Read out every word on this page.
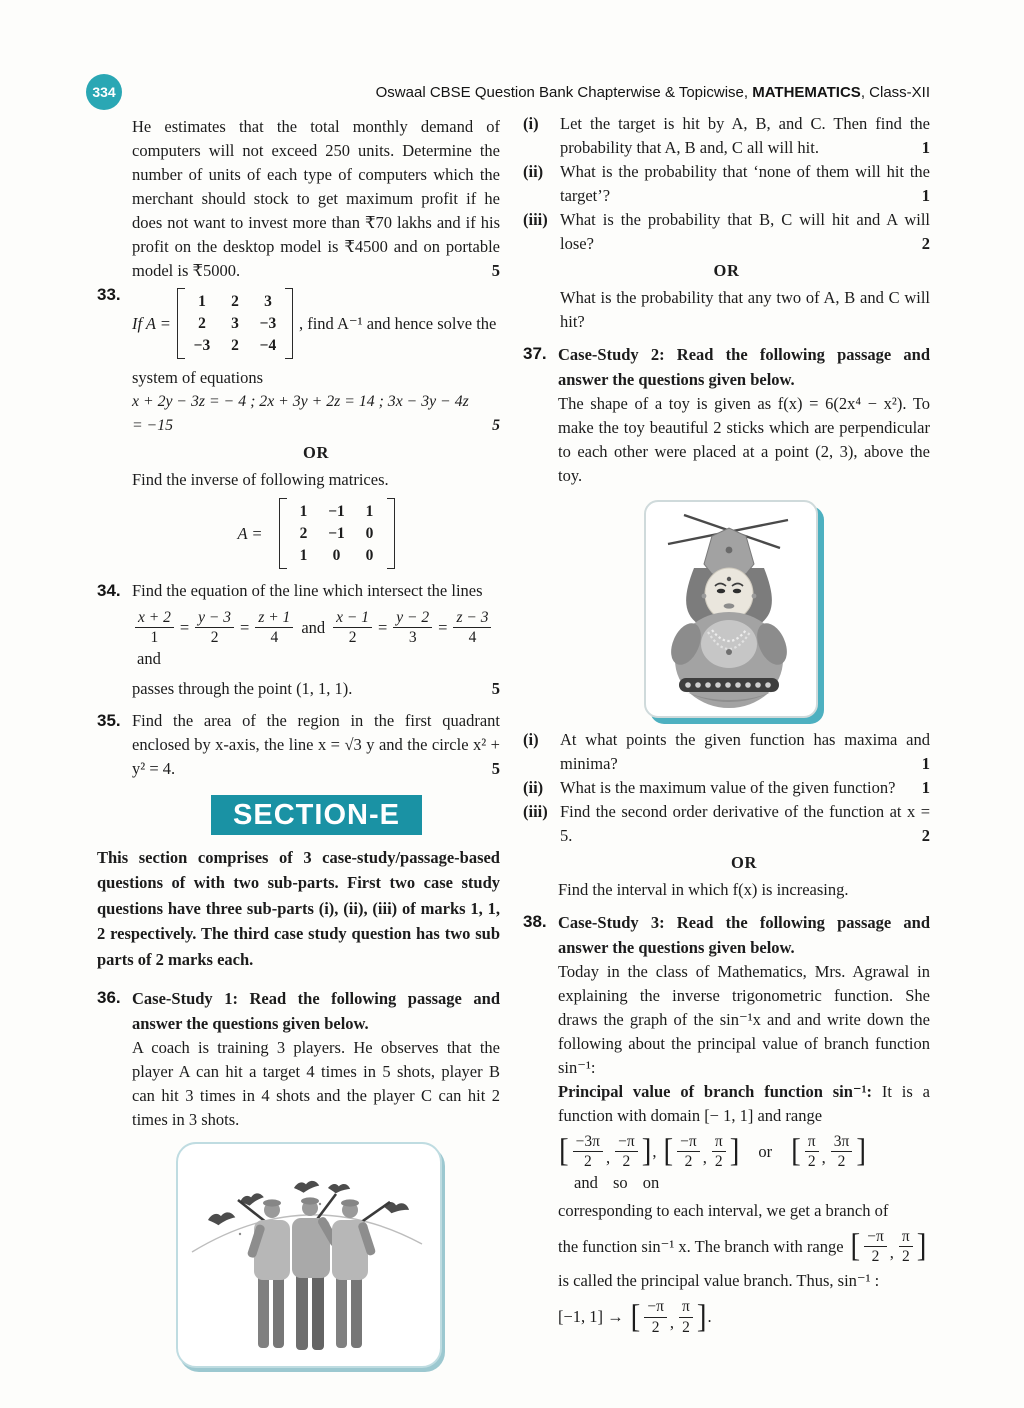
334	Oswaal CBSE Question Bank Chapterwise & Topicwise, MATHEMATICS, Class-XII

He estimates that the total monthly demand of computers will not exceed 250 units. Determine the number of units of each type of computers which the merchant should stock to get maximum profit if he does not want to invest more than ₹70 lakhs and if his profit on the desktop model is ₹4500 and on portable model is ₹5000.	5

33.
If A =
1 2 3
2 3 −3
−3 2 −4
, find A⁻¹ and hence solve the

system of equations

x + 2y − 3z = − 4 ; 2x + 3y + 2z = 14 ; 3x − 3y − 4z

= −15	5

OR

Find the inverse of following matrices.

A =
1 −1 1
2 −1 0
1 0 0
34. Find the equation of the line which intersect the lines

$\frac{x + 2}{1} = \frac{y - 3}{2} = \frac{z + 1}{4}$ and $\frac{x - 1}{2} = \frac{y - 2}{3} = \frac{z - 3}{4}$
and

passes through the point (1, 1, 1).	5

35. Find the area of the region in the first quadrant enclosed by x-axis, the line x = √3 y and the circle x² + y² = 4.	5

SECTION-E

This section comprises of 3 case-study/passage-based questions of with two sub-parts. First two case study questions have three sub-parts (i), (ii), (iii) of marks 1, 1, 2 respectively. The third case study question has two sub parts of 2 marks each.

36. Case-Study 1: Read the following passage and answer the questions given below.

A coach is training 3 players. He observes that the player A can hit a target 4 times in 5 shots, player B can hit 3 times in 4 shots and the player C can hit 2 times in 3 shots.

(i)	Let the target is hit by A, B, and C. Then find the probability that A, B and, C all will hit.	1
(ii)	What is the probability that ‘none of them will hit the target’?	1
(iii) What is the probability that B, C will hit and A will lose?	2
OR
What is the probability that any two of A, B and C will hit?
37. Case-Study 2: Read the following passage and answer the questions given below.

The shape of a toy is given as f(x) = 6(2x⁴ − x²). To make the toy beautiful 2 sticks which are perpendicular to each other were placed at a point (2, 3), above the toy.

(i)	At what points the given function has maxima and minima?	1
(ii)	What is the maximum value of the given function? 1
(iii) Find the second order derivative of the function at x = 5.	2
OR

Find the interval in which f(x) is increasing.

38. Case-Study 3: Read the following passage and answer the questions given below.

Today in the class of Mathematics, Mrs. Agrawal in explaining the inverse trigonometric function. She draws the graph of the sin⁻¹x and and write down the following about the principal value of branch function sin⁻¹:

Principal value of branch function sin⁻¹: It is a function with domain [− 1, 1] and range

[ −3π
2 ,
−π
2 ] , [ −π
2 ,
π
2 ] or [ π
2 ,
3π
2 ]
and so on

corresponding to each interval, we get a branch of

the function sin⁻¹ x. The branch with range [ −π
2 ,
π
2 ]

is called the principal value branch. Thus, sin⁻¹ :

[−1, 1] → [ −π
2 ,
π
2 ] .
